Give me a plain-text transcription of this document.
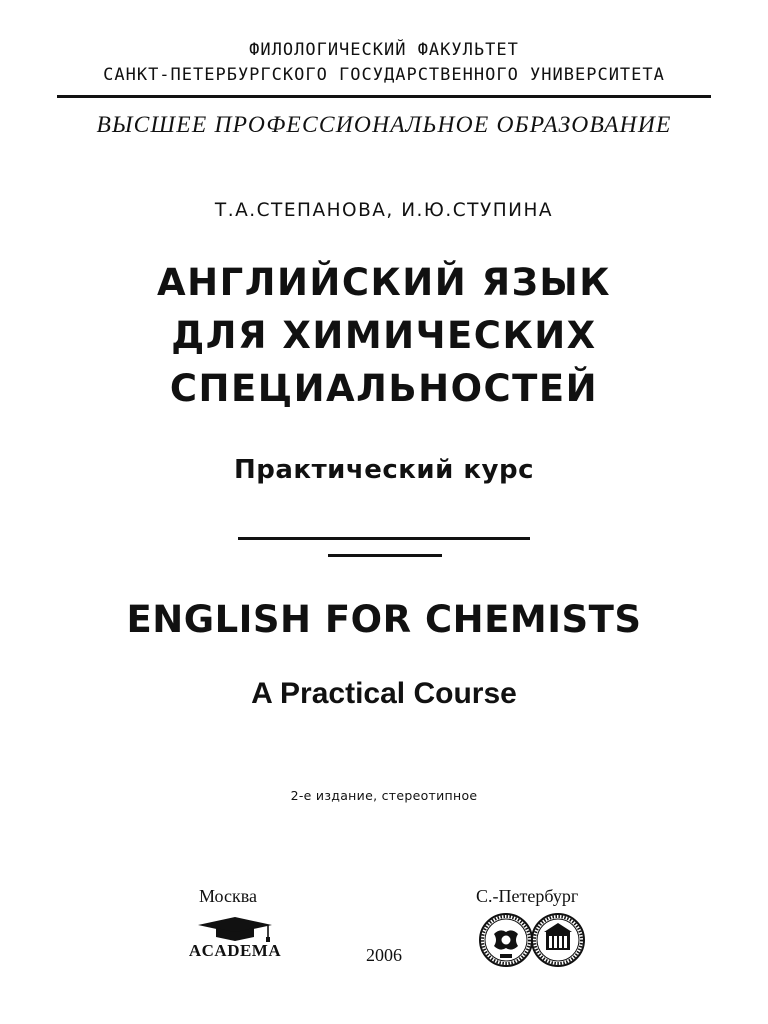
ФИЛОЛОГИЧЕСКИЙ ФАКУЛЬТЕТ
САНКТ-ПЕТЕРБУРГСКОГО ГОСУДАРСТВЕННОГО УНИВЕРСИТЕТА
ВЫСШЕЕ ПРОФЕССИОНАЛЬНОЕ ОБРАЗОВАНИЕ
Т.А.СТЕПАНОВА, И.Ю.СТУПИНА
АНГЛИЙСКИЙ ЯЗЫК
ДЛЯ ХИМИЧЕСКИХ
СПЕЦИАЛЬНОСТЕЙ
Практический курс
ENGLISH FOR CHEMISTS
A Practical Course
2-е издание, стереотипное
Москва	С.-Петербург
ACADEMA	2006
